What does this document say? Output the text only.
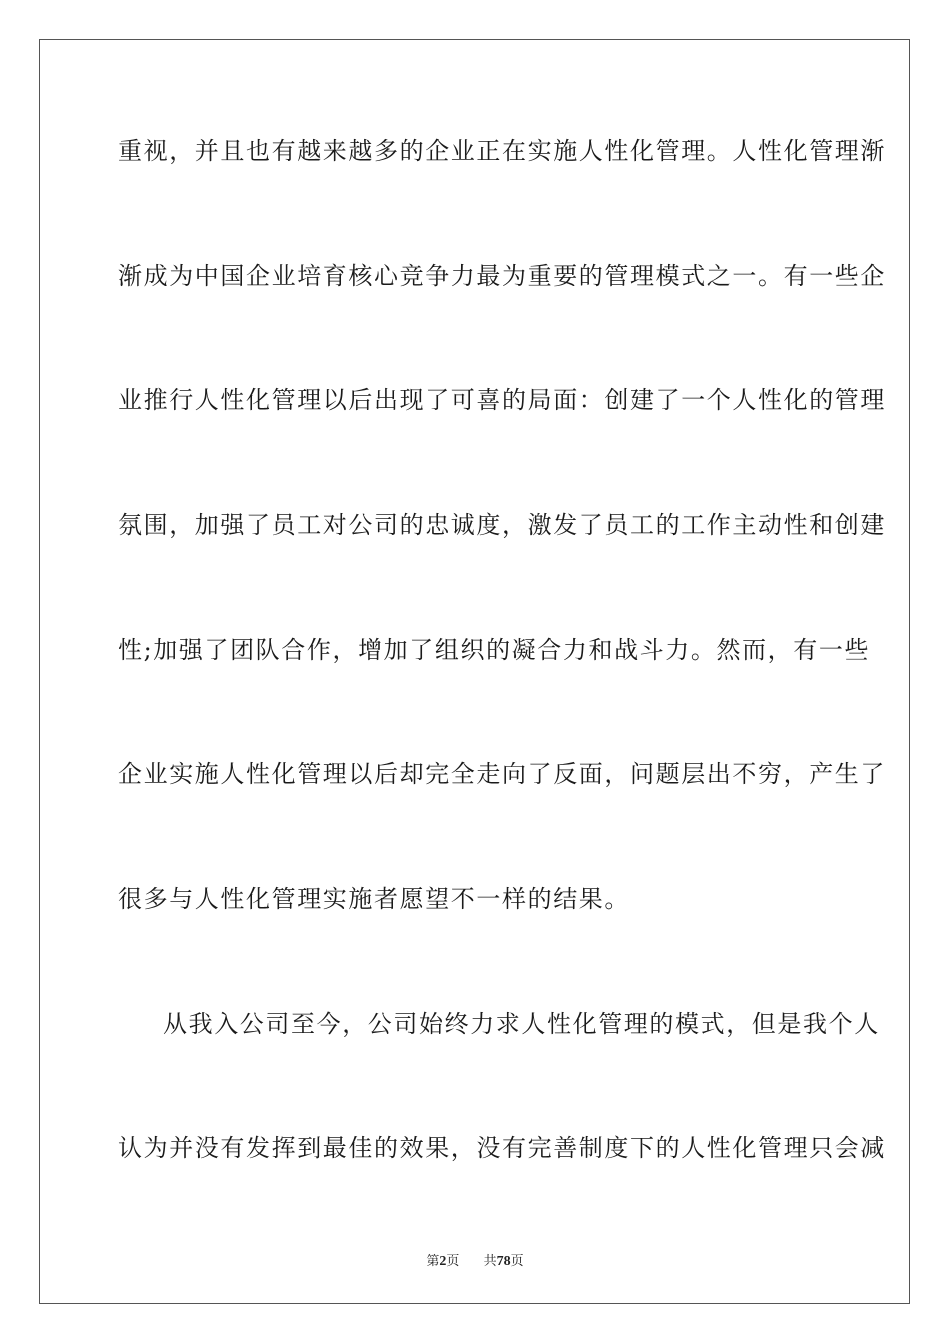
重视，并且也有越来越多的企业正在实施人性化管理。人性化管理渐
渐成为中国企业培育核心竞争力最为重要的管理模式之一。有一些企
业推行人性化管理以后出现了可喜的局面：创建了一个人性化的管理
氛围，加强了员工对公司的忠诚度，激发了员工的工作主动性和创建
性;加强了团队合作，增加了组织的凝合力和战斗力。然而，有一些
企业实施人性化管理以后却完全走向了反面，问题层出不穷，产生了
很多与人性化管理实施者愿望不一样的结果。
从我入公司至今，公司始终力求人性化管理的模式，但是我个人
认为并没有发挥到最佳的效果，没有完善制度下的人性化管理只会减
第2页 共78页
